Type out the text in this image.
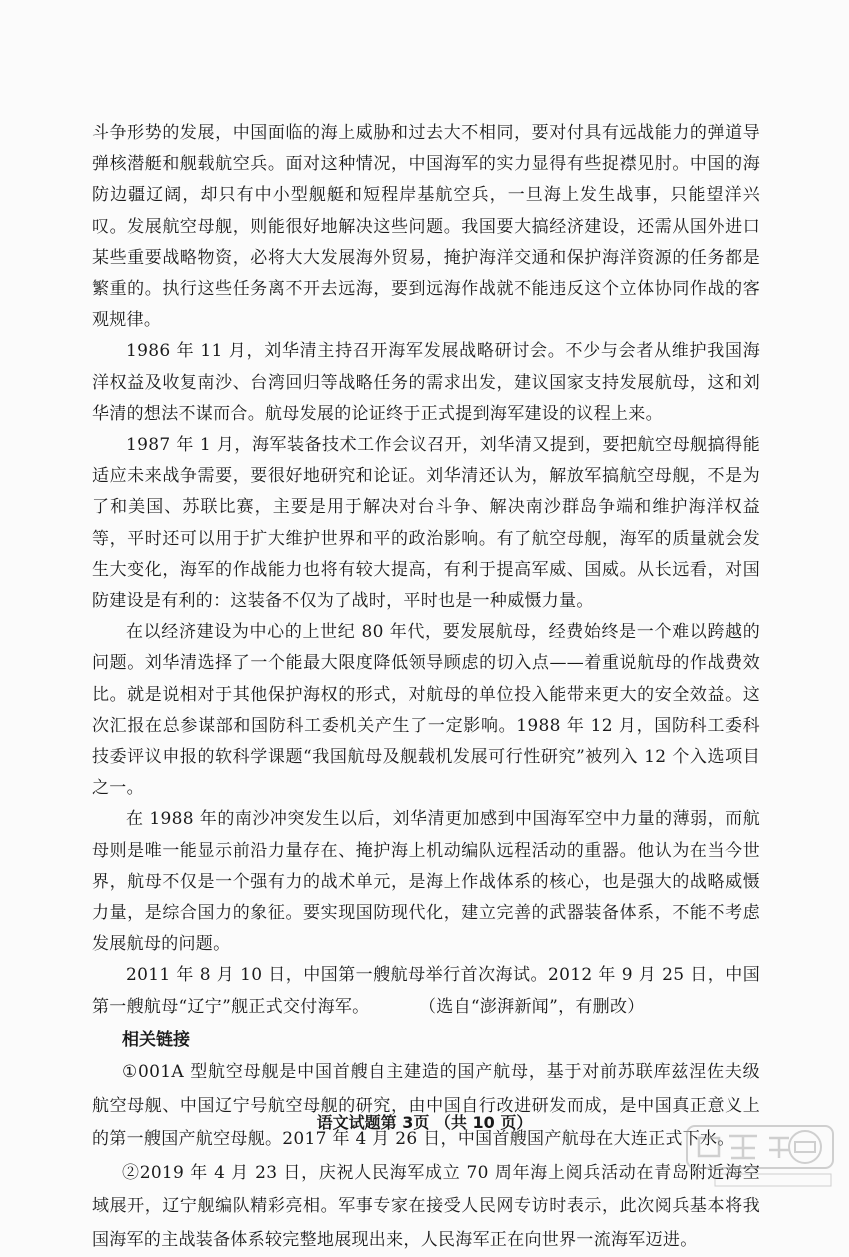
斗争形势的发展，中国面临的海上威胁和过去大不相同，要对付具有远战能力的弹道导弹核潜艇和舰载航空兵。面对这种情况，中国海军的实力显得有些捉襟见肘。中国的海防边疆辽阔，却只有中小型舰艇和短程岸基航空兵，一旦海上发生战事，只能望洋兴叹。发展航空母舰，则能很好地解决这些问题。我国要大搞经济建设，还需从国外进口某些重要战略物资，必将大大发展海外贸易，掩护海洋交通和保护海洋资源的任务都是繁重的。执行这些任务离不开去远海，要到远海作战就不能违反这个立体协同作战的客观规律。

1986 年 11 月，刘华清主持召开海军发展战略研讨会。不少与会者从维护我国海洋权益及收复南沙、台湾回归等战略任务的需求出发，建议国家支持发展航母，这和刘华清的想法不谋而合。航母发展的论证终于正式提到海军建设的议程上来。

1987 年 1 月，海军装备技术工作会议召开，刘华清又提到，要把航空母舰搞得能适应未来战争需要，要很好地研究和论证。刘华清还认为，解放军搞航空母舰，不是为了和美国、苏联比赛，主要是用于解决对台斗争、解决南沙群岛争端和维护海洋权益等，平时还可以用于扩大维护世界和平的政治影响。有了航空母舰，海军的质量就会发生大变化，海军的作战能力也将有较大提高，有利于提高军威、国威。从长远看，对国防建设是有利的：这装备不仅为了战时，平时也是一种威慑力量。

在以经济建设为中心的上世纪 80 年代，要发展航母，经费始终是一个难以跨越的问题。刘华清选择了一个能最大限度降低领导顾虑的切入点——着重说航母的作战费效比。就是说相对于其他保护海权的形式，对航母的单位投入能带来更大的安全效益。这次汇报在总参谋部和国防科工委机关产生了一定影响。1988 年 12 月，国防科工委科技委评议申报的软科学课题“我国航母及舰载机发展可行性研究”被列入 12 个入选项目之一。

在 1988 年的南沙冲突发生以后，刘华清更加感到中国海军空中力量的薄弱，而航母则是唯一能显示前沿力量存在、掩护海上机动编队远程活动的重器。他认为在当今世界，航母不仅是一个强有力的战术单元，是海上作战体系的核心，也是强大的战略威慑力量，是综合国力的象征。要实现国防现代化，建立完善的武器装备体系，不能不考虑发展航母的问题。

2011 年 8 月 10 日，中国第一艘航母举行首次海试。2012 年 9 月 25 日，中国第一艘航母“辽宁”舰正式交付海军。	（选自“澎湃新闻”，有删改）

相关链接

①001A 型航空母舰是中国首艘自主建造的国产航母，基于对前苏联库兹涅佐夫级航空母舰、中国辽宁号航空母舰的研究，由中国自行改进研发而成，是中国真正意义上的第一艘国产航空母舰。2017 年 4 月 26 日，中国首艘国产航母在大连正式下水。

②2019 年 4 月 23 日，庆祝人民海军成立 70 周年海上阅兵活动在青岛附近海空域展开，辽宁舰编队精彩亮相。军事专家在接受人民网专访时表示，此次阅兵基本将我国海军的主战装备体系较完整地展现出来，人民海军正在向世界一流海军迈进。

语文试题第 3页 （共 10 页）
